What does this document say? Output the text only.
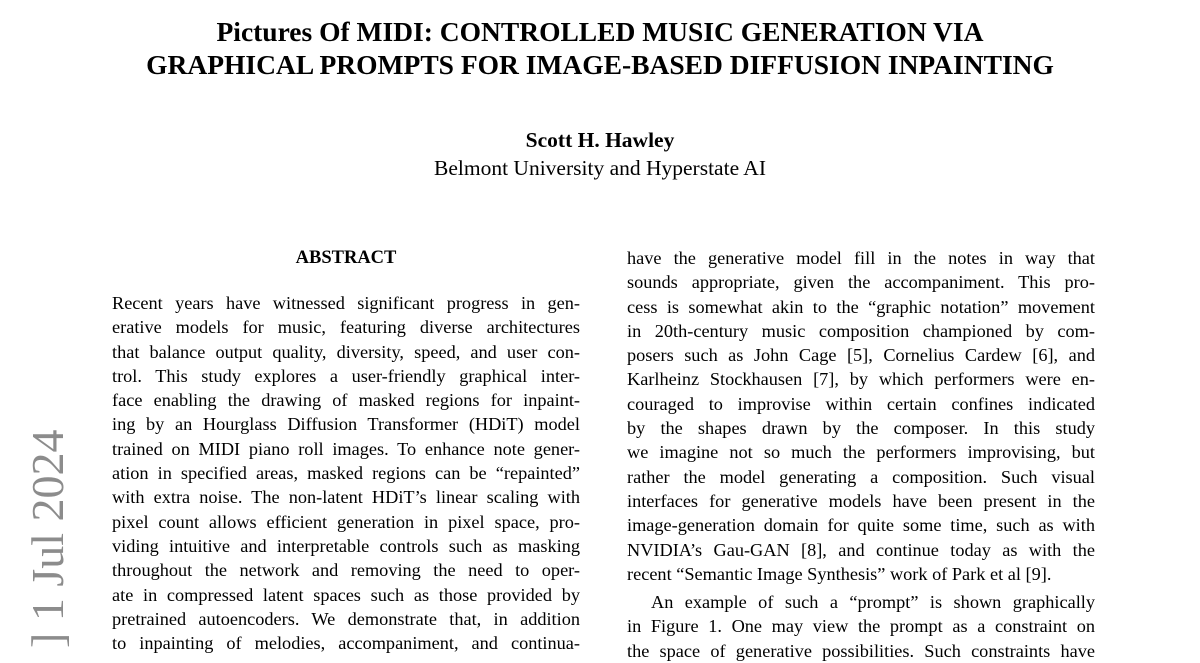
Pictures Of MIDI: CONTROLLED MUSIC GENERATION VIA
GRAPHICAL PROMPTS FOR IMAGE-BASED DIFFUSION INPAINTING
Scott H. Hawley
Belmont University and Hyperstate AI
ABSTRACT
Recent years have witnessed significant progress in gen-
erative models for music, featuring diverse architectures
that balance output quality, diversity, speed, and user con-
trol. This study explores a user-friendly graphical inter-
face enabling the drawing of masked regions for inpaint-
ing by an Hourglass Diffusion Transformer (HDiT) model
trained on MIDI piano roll images. To enhance note gener-
ation in specified areas, masked regions can be “repainted”
with extra noise. The non-latent HDiT’s linear scaling with
pixel count allows efficient generation in pixel space, pro-
viding intuitive and interpretable controls such as masking
throughout the network and removing the need to oper-
ate in compressed latent spaces such as those provided by
pretrained autoencoders. We demonstrate that, in addition
to inpainting of melodies, accompaniment, and continua-
have the generative model fill in the notes in way that
sounds appropriate, given the accompaniment. This pro-
cess is somewhat akin to the “graphic notation” movement
in 20th-century music composition championed by com-
posers such as John Cage [5], Cornelius Cardew [6], and
Karlheinz Stockhausen [7], by which performers were en-
couraged to improvise within certain confines indicated
by the shapes drawn by the composer. In this study
we imagine not so much the performers improvising, but
rather the model generating a composition. Such visual
interfaces for generative models have been present in the
image-generation domain for quite some time, such as with
NVIDIA’s Gau-GAN [8], and continue today as with the
recent “Semantic Image Synthesis” work of Park et al [9].
An example of such a “prompt” is shown graphically
in Figure 1. One may view the prompt as a constraint on
the space of generative possibilities. Such constraints have
] 1 Jul 2024
